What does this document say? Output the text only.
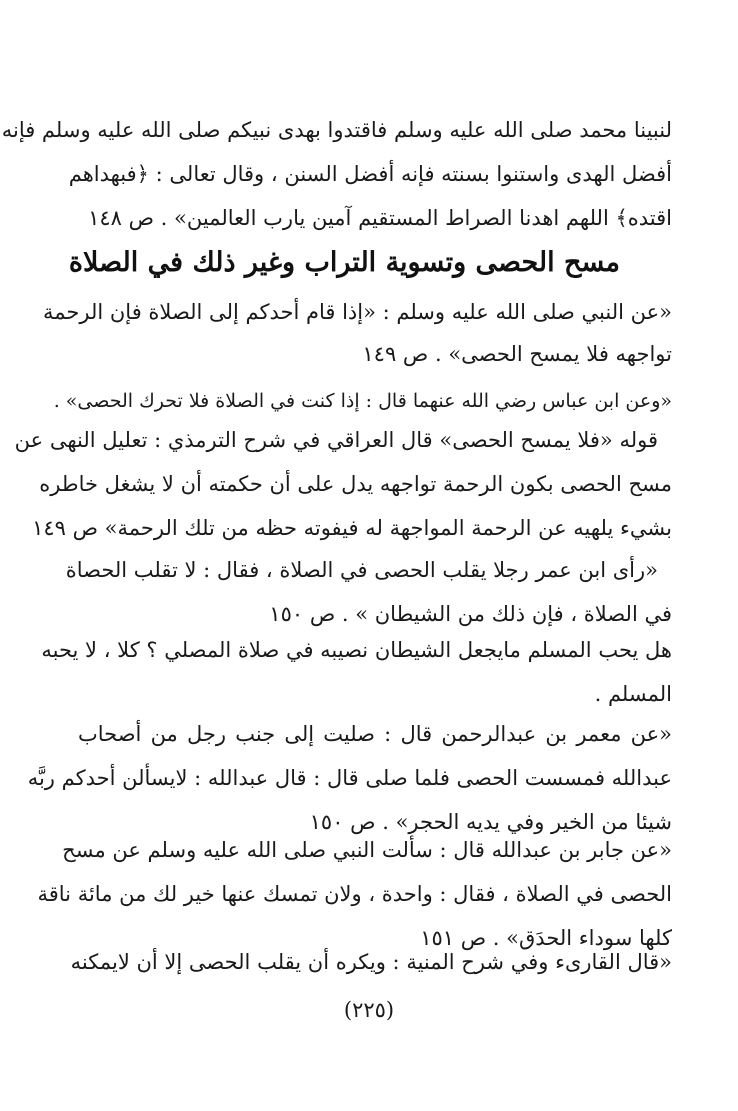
لنبينا محمد صلى الله عليه وسلم فاقتدوا بهدى نبيكم صلى الله عليه وسلم فإنه
أفضل الهدى واستنوا بسنته فإنه أفضل السنن ، وقال تعالى : ﴿فبهداهم
اقتده﴾ اللهم اهدنا الصراط المستقيم آمين يارب العالمين» . ص ١٤٨
مسح الحصى وتسوية التراب وغير ذلك في الصلاة
«عن النبي صلى الله عليه وسلم : «إذا قام أحدكم إلى الصلاة فإن الرحمة
تواجهه فلا يمسح الحصى» . ص ١٤٩
«وعن ابن عباس رضي الله عنهما قال : إذا كنت في الصلاة فلا تحرك الحصى» .
قوله «فلا يمسح الحصى» قال العراقي في شرح الترمذي : تعليل النهى عن
مسح الحصى بكون الرحمة تواجهه يدل على أن حكمته أن لا يشغل خاطره
بشيء يلهيه عن الرحمة المواجهة له فيفوته حظه من تلك الرحمة» ص ١٤٩
«رأى ابن عمر رجلا يقلب الحصى في الصلاة ، فقال : لا تقلب الحصاة
في الصلاة ، فإن ذلك من الشيطان » . ص ١٥٠
هل يحب المسلم مايجعل الشيطان نصيبه في صلاة المصلي ؟ كلا ، لا يحبه
المسلم .
«عن معمر بن عبدالرحمن قال : صليت إلى جنب رجل من أصحاب
عبدالله فمسست الحصى فلما صلى قال : قال عبدالله : لايسألن أحدكم ربَّه
شيئا من الخير وفي يديه الحجر» . ص ١٥٠
«عن جابر بن عبدالله قال : سألت النبي صلى الله عليه وسلم عن مسح
الحصى في الصلاة ، فقال : واحدة ، ولان تمسك عنها خير لك من مائة ناقة
كلها سوداء الحدَق» . ص ١٥١
«قال القارىء وفي شرح المنية : ويكره أن يقلب الحصى إلا أن لايمكنه
(٢٢٥)
